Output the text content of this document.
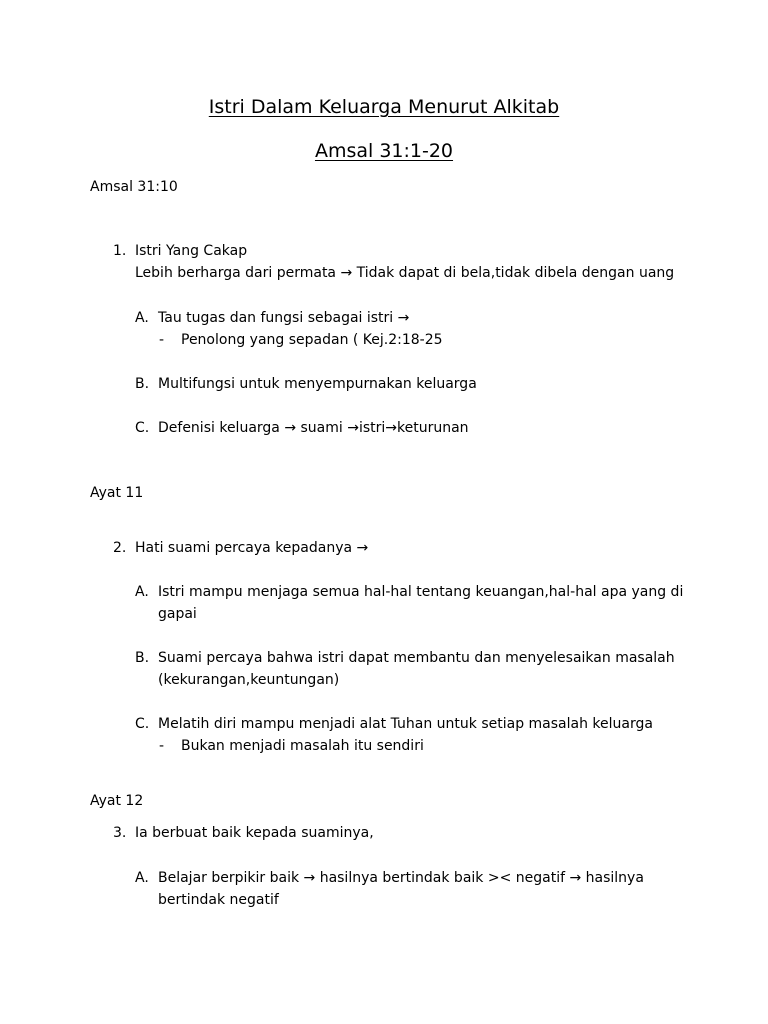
Istri Dalam Keluarga Menurut Alkitab
Amsal 31:1-20
Amsal 31:10
1. Istri Yang Cakap
Lebih berharga dari permata → Tidak dapat di bela,tidak dibela dengan uang
A. Tau tugas dan fungsi sebagai istri →
- Penolong yang sepadan ( Kej.2:18-25
B. Multifungsi untuk menyempurnakan keluarga
C. Defenisi keluarga → suami →istri→keturunan
Ayat 11
2. Hati suami percaya kepadanya →
A. Istri mampu menjaga semua hal-hal tentang keuangan,hal-hal apa yang di
gapai
B. Suami percaya bahwa istri dapat membantu dan menyelesaikan masalah
(kekurangan,keuntungan)
C. Melatih diri mampu menjadi alat Tuhan untuk setiap masalah keluarga
- Bukan menjadi masalah itu sendiri
Ayat 12
3. Ia berbuat baik kepada suaminya,
A. Belajar berpikir baik → hasilnya bertindak baik >< negatif → hasilnya
bertindak negatif
